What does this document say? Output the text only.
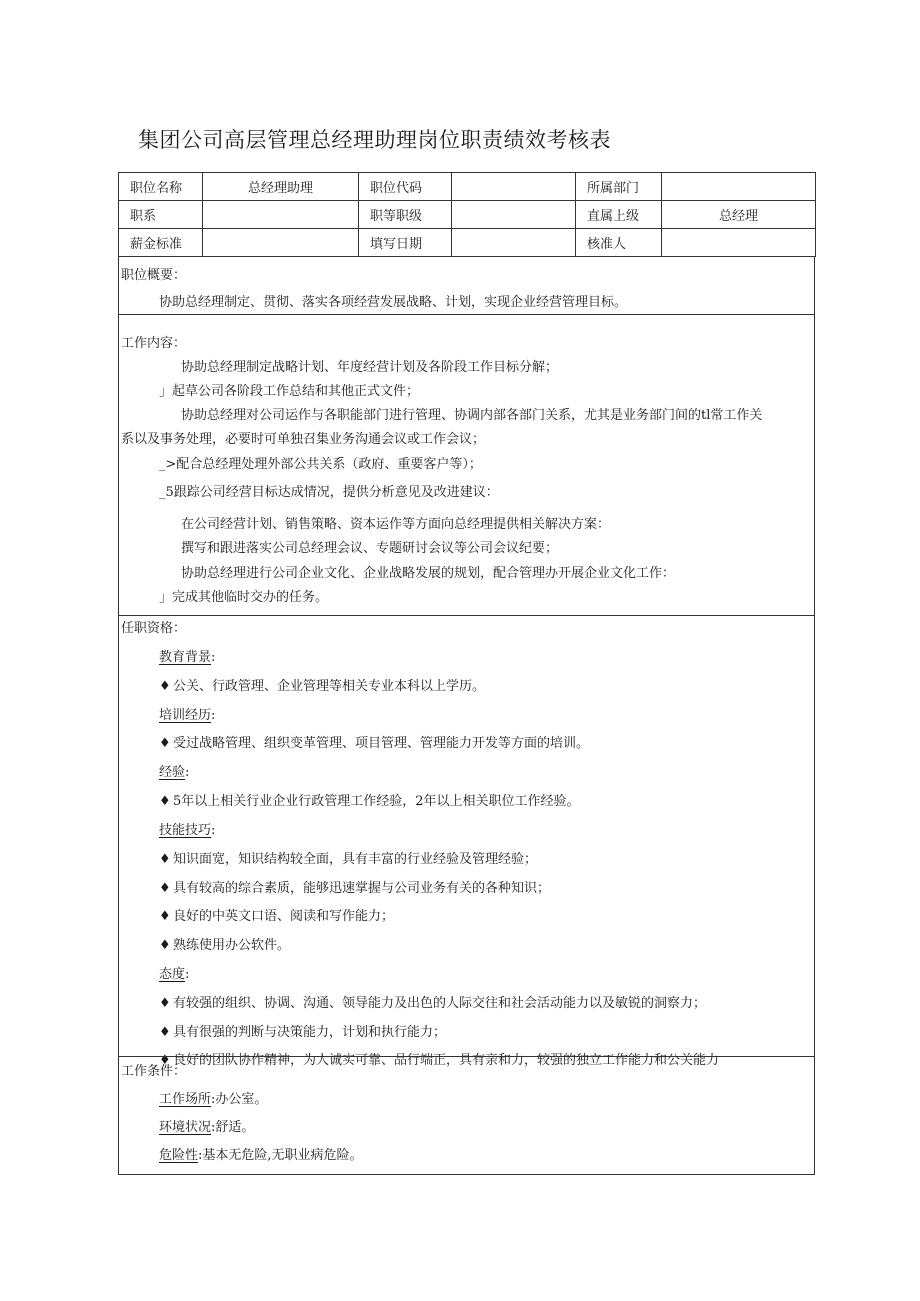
集团公司高层管理总经理助理岗位职责绩效考核表
职位名称	总经理助理	职位代码		所属部门	
职系		职等职级		直属上级	总经理
薪金标准		填写日期		核准人	
职位概要：
协助总经理制定、贯彻、落实各项经营发展战略、计划，实现企业经营管理目标。
工作内容：
协助总经理制定战略计划、年度经营计划及各阶段工作目标分解；
」起草公司各阶段工作总结和其他正式文件；
协助总经理对公司运作与各职能部门进行管理、协调内部各部门关系，尤其是业务部门间的tl常工作关
系以及事务处理，必要时可单独召集业务沟通会议或工作会议；
_>配合总经理处理外部公共关系（政府、重要客户等）；
_5跟踪公司经营目标达成情况，提供分析意见及改进建议：
在公司经营计划、销售策略、资本运作等方面向总经理提供相关解决方案：
撰写和跟进落实公司总经理会议、专题研讨会议等公司会议纪要；
协助总经理进行公司企业文化、企业战略发展的规划，配合管理办开展企业文化工作：
」完成其他临时交办的任务。
任职资格：
教育背景:
♦ 公关、行政管理、企业管理等相关专业本科以上学历。
培训经历:
♦ 受过战略管理、组织变革管理、项目管理、管理能力开发等方面的培训。
经验:
♦ 5年以上相关行业企业行政管理工作经验，2年以上相关职位工作经验。
技能技巧:
♦ 知识面宽，知识结构较全面，具有丰富的行业经验及管理经验；
♦ 具有较高的综合素质，能够迅速掌握与公司业务有关的各种知识；
♦ 良好的中英文口语、阅读和写作能力；
♦ 熟练使用办公软件。
态度:
♦ 有较强的组织、协调、沟通、领导能力及出色的人际交往和社会活动能力以及敏锐的洞察力；
♦ 具有很强的判断与决策能力，计划和执行能力；
♦ 良好的团队协作精神，为人诚实可靠、品行端正，具有亲和力，较强的独立工作能力和公关能力
工作条件：
工作场所:办公室。
环境状况:舒适。
危险性:基本无危险,无职业病危险。
